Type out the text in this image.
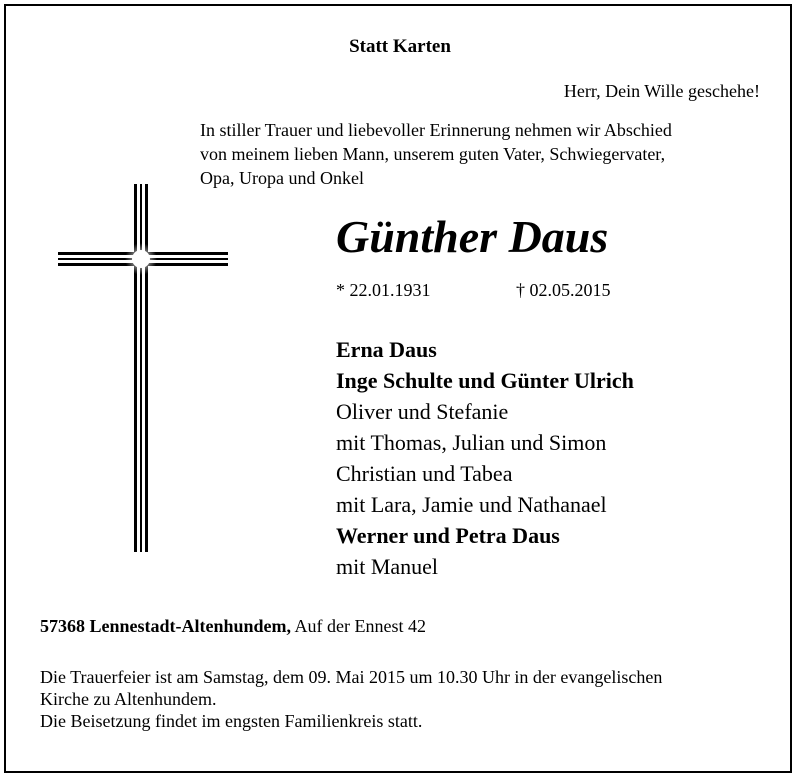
Statt Karten
Herr, Dein Wille geschehe!
In stiller Trauer und liebevoller Erinnerung nehmen wir Abschied
von meinem lieben Mann, unserem guten Vater, Schwiegervater,
Opa, Uropa und Onkel
Günther Daus
* 22.01.1931	† 02.05.2015
Erna Daus
Inge Schulte und Günter Ulrich
Oliver und Stefanie
mit Thomas, Julian und Simon
Christian und Tabea
mit Lara, Jamie und Nathanael
Werner und Petra Daus
mit Manuel
57368 Lennestadt-Altenhundem, Auf der Ennest 42
Die Trauerfeier ist am Samstag, dem 09. Mai 2015 um 10.30 Uhr in der evangelischen
Kirche zu Altenhundem.
Die Beisetzung findet im engsten Familienkreis statt.
